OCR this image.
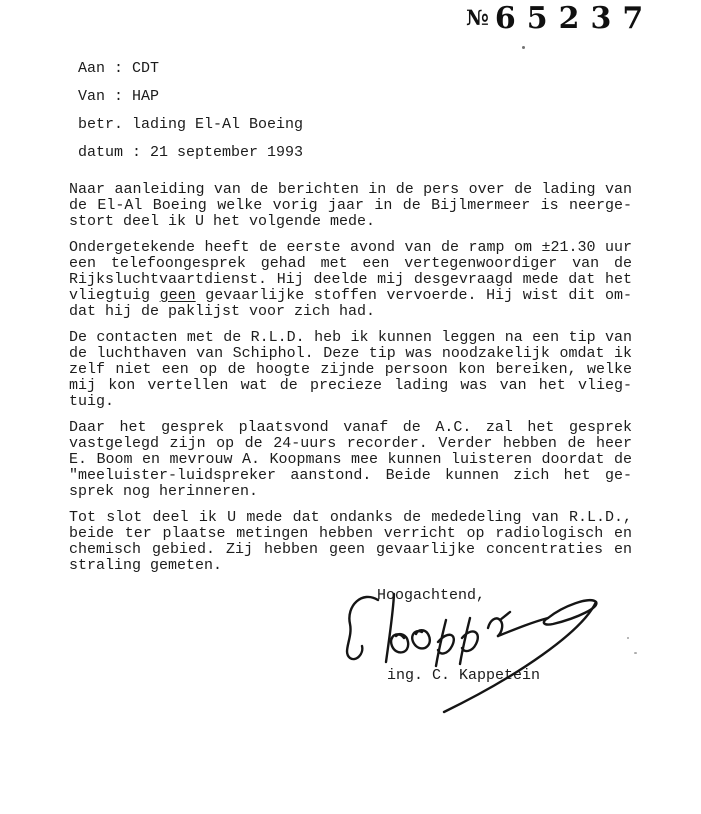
№ 65237
Aan : CDT
Van : HAP
betr. lading El-Al Boeing
datum : 21 september 1993
Naar aanleiding van de berichten in de pers over de lading van
de El-Al Boeing welke vorig jaar in de Bijlmermeer is neerge-
stort deel ik U het volgende mede.
Ondergetekende heeft de eerste avond van de ramp om ±21.30 uur
een telefoongesprek gehad met een vertegenwoordiger van de
Rijksluchtvaartdienst. Hij deelde mij desgevraagd mede dat het
vliegtuig geen gevaarlijke stoffen vervoerde. Hij wist dit om-
dat hij de paklijst voor zich had.
De contacten met de R.L.D. heb ik kunnen leggen na een tip van
de luchthaven van Schiphol. Deze tip was noodzakelijk omdat ik
zelf niet een op de hoogte zijnde persoon kon bereiken, welke
mij kon vertellen wat de precieze lading was van het vlieg-
tuig.
Daar het gesprek plaatsvond vanaf de A.C. zal het gesprek
vastgelegd zijn op de 24-uurs recorder. Verder hebben de heer
E. Boom en mevrouw A. Koopmans mee kunnen luisteren doordat de
"meeluister-luidspreker aanstond. Beide kunnen zich het ge-
sprek nog herinneren.
Tot slot deel ik U mede dat ondanks de mededeling van R.L.D.,
beide ter plaatse metingen hebben verricht op radiologisch en
chemisch gebied. Zij hebben geen gevaarlijke concentraties en
straling gemeten.
Hoogachtend,
ing. C. Kappetein
